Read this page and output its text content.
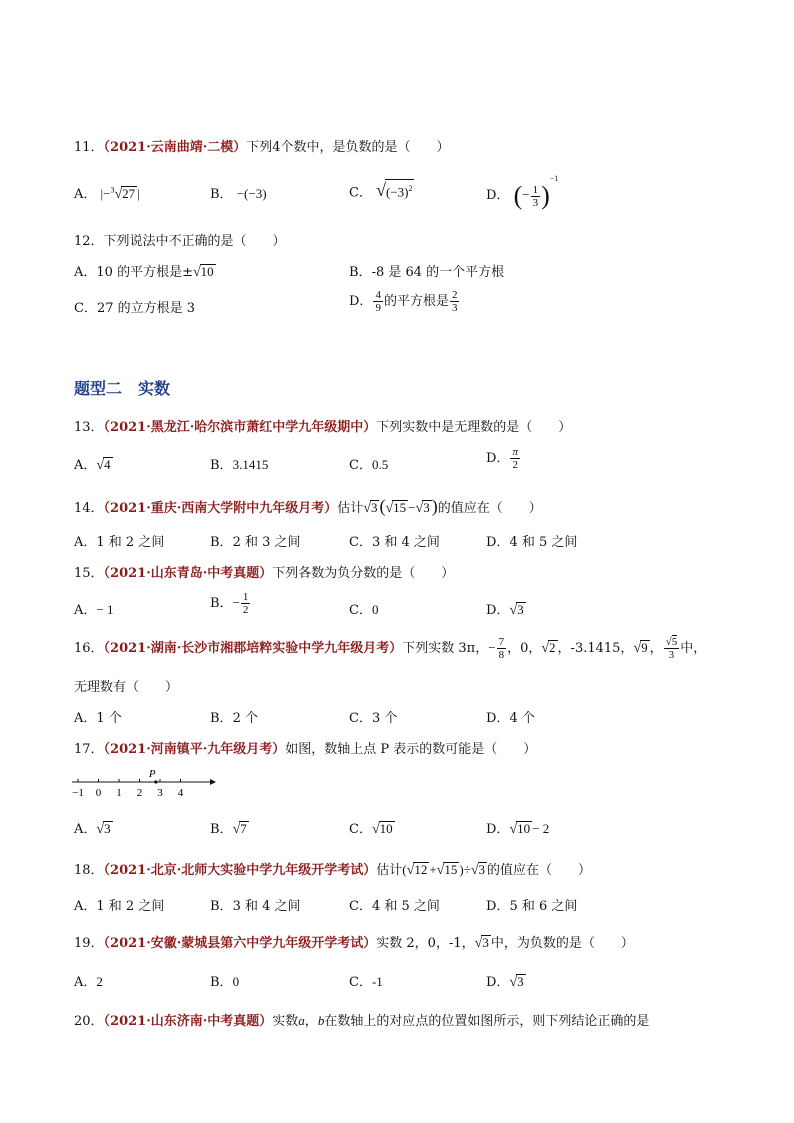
11．（2021·云南曲靖·二模）下列4个数中，是负数的是（　　）
A． |−$^3$√27 |	B． −(−3)	C． $√(-3)^2$	D． (− $\frac{1}{3} )^{-1}$
12．下列说法中不正确的是（　　）
A．10 的平方根是±√10	B．-8 是 64 的一个平方根
C．27 的立方根是 3	D． $\frac{4}{9}$ 的平方根是 $\frac{2}{3}$
题型二　实数
13．（2021·黑龙江·哈尔滨市萧红中学九年级期中）下列实数中是无理数的是（　　）
A．√4	B．3.1415	C．0.5	D． $\frac{\pi}{2}$
14．（2021·重庆·西南大学附中九年级月考）估计√3 (√15 −√3 )的值应在（　　）
A．1 和 2 之间	B．2 和 3 之间	C．3 和 4 之间	D．4 和 5 之间
15．（2021·山东青岛·中考真题）下列各数为负分数的是（　　）
A．− 1	B．− $\frac{1}{2}$	C．0	D．√3
16．（2021·湖南·长沙市湘郡培粹实验中学九年级月考）下列实数 3π，− $\frac{7}{8}$ ，0，√2 ，-3.1415，√9 ， $\frac{√5}{3}$ 中，
无理数有（　　）
A．1 个	B．2 个	C．3 个	D．4 个
17．（2021·河南镇平·九年级月考）如图，数轴上点 P 表示的数可能是（　　）
−1 0 1 2 3 4
P
A．√3	B．√7	C．√10	D．√10 − 2
18．（2021·北京·北师大实验中学九年级开学考试）估计(√12 +√15 )÷√3 的值应在（　　）
A．1 和 2 之间	B．3 和 4 之间	C．4 和 5 之间	D．5 和 6 之间
19．（2021·安徽·蒙城县第六中学九年级开学考试）实数 2，0，-1，√3 中，为负数的是（　　）
A．2	B．0	C．-1	D．√3
20．（2021·山东济南·中考真题）实数a，b在数轴上的对应点的位置如图所示，则下列结论正确的是
